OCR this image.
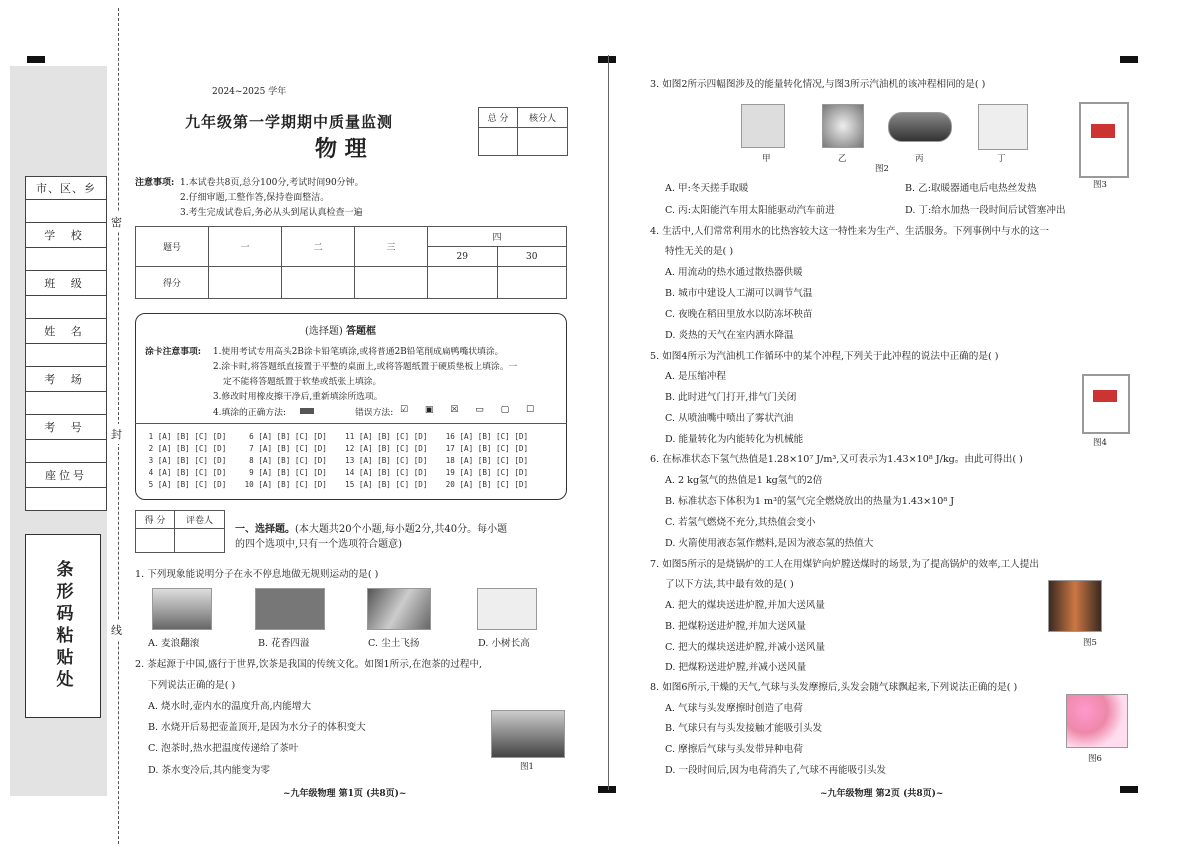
市、区、乡
学 校
班 级
姓 名
考 场
考 号
座位号
条形码粘贴处
密
封
线
2024~2025 学年
九年级第一学期期中质量监测
物 理
总 分	核分人

注意事项: 1.本试卷共8页,总分100分,考试时间90分钟。
2.仔细审题,工整作答,保持卷面整洁。
3.考生完成试卷后,务必从头到尾认真检查一遍
题号	一	二	三	四	
				29	30
得分					
(选择题) 答题框
涂卡注意事项: 1.使用考试专用高头2B涂卡铅笔填涂,或将普通2B铅笔削成扁鸭嘴状填涂。
2.涂卡时,将答题纸直接置于平整的桌面上,或将答题纸置于硬质垫板上填涂。一
定不能将答题纸置于软垫或纸张上填涂。
3.修改时用橡皮擦干净后,重新填涂所选项。
4.填涂的正确方法:	错误方法: ☑ ▣ ☒ ▭ ▢ ☐
1 [A] [B] [C] [D]     6 [A] [B] [C] [D]    11 [A] [B] [C] [D]    16 [A] [B] [C] [D]
2 [A] [B] [C] [D]     7 [A] [B] [C] [D]    12 [A] [B] [C] [D]    17 [A] [B] [C] [D]
3 [A] [B] [C] [D]     8 [A] [B] [C] [D]    13 [A] [B] [C] [D]    18 [A] [B] [C] [D]
4 [A] [B] [C] [D]     9 [A] [B] [C] [D]    14 [A] [B] [C] [D]    19 [A] [B] [C] [D]
5 [A] [B] [C] [D]    10 [A] [B] [C] [D]    15 [A] [B] [C] [D]    20 [A] [B] [C] [D]
得 分	评卷人

一、选择题。(本大题共20个小题,每小题2分,共40分。每小题
的四个选项中,只有一个选项符合题意)
1. 下列现象能说明分子在永不停息地做无规则运动的是( )
A. 麦浪翻滚	B. 花香四溢	C. 尘土飞扬	D. 小树长高
2. 茶起源于中国,盛行于世界,饮茶是我国的传统文化。如图1所示,在泡茶的过程中,
下列说法正确的是( )
A. 烧水时,壶内水的温度升高,内能增大
B. 水烧开后易把壶盖顶开,是因为水分子的体积变大
C. 泡茶时,热水把温度传递给了茶叶
D. 茶水变冷后,其内能变为零	图1
~九年级物理 第1页 (共8页)~
3. 如图2所示四幅图涉及的能量转化情况,与图3所示汽油机的该冲程相同的是( )
甲	乙	丙	丁
图2
图3
A. 甲:冬天搓手取暖	B. 乙:取暖器通电后电热丝发热
C. 丙:太阳能汽车用太阳能驱动汽车前进	D. 丁:给水加热一段时间后试管塞冲出
4. 生活中,人们常常利用水的比热容较大这一特性来为生产、生活服务。下列事例中与水的这一
特性无关的是( )
A. 用流动的热水通过散热器供暖
B. 城市中建设人工湖可以调节气温
C. 夜晚在稻田里放水以防冻坏秧苗
D. 炎热的天气在室内洒水降温
5. 如图4所示为汽油机工作循环中的某个冲程,下列关于此冲程的说法中正确的是( )
A. 是压缩冲程
B. 此时进气门打开,排气门关闭
C. 从喷油嘴中喷出了雾状汽油
D. 能量转化为内能转化为机械能	图4
6. 在标准状态下氢气热值是1.28×10⁷ J/m³,又可表示为1.43×10⁸ J/kg。由此可得出( )
A. 2 kg氢气的热值是1 kg氢气的2倍
B. 标准状态下体积为1 m³的氢气完全燃烧放出的热量为1.43×10⁸ J
C. 若氢气燃烧不充分,其热值会变小
D. 火箭使用液态氢作燃料,是因为液态氢的热值大
7. 如图5所示的是烧锅炉的工人在用煤铲向炉膛送煤时的场景,为了提高锅炉的效率,工人提出
了以下方法,其中最有效的是( )
A. 把大的煤块送进炉膛,并加大送风量
B. 把煤粉送进炉膛,并加大送风量
C. 把大的煤块送进炉膛,并减小送风量
D. 把煤粉送进炉膛,并减小送风量
图5
8. 如图6所示,干燥的天气,气球与头发摩擦后,头发会随气球飘起来,下列说法正确的是( )
A. 气球与头发摩擦时创造了电荷
B. 气球只有与头发接触才能吸引头发
C. 摩擦后气球与头发带异种电荷
D. 一段时间后,因为电荷消失了,气球不再能吸引头发
图6
~九年级物理 第2页 (共8页)~
